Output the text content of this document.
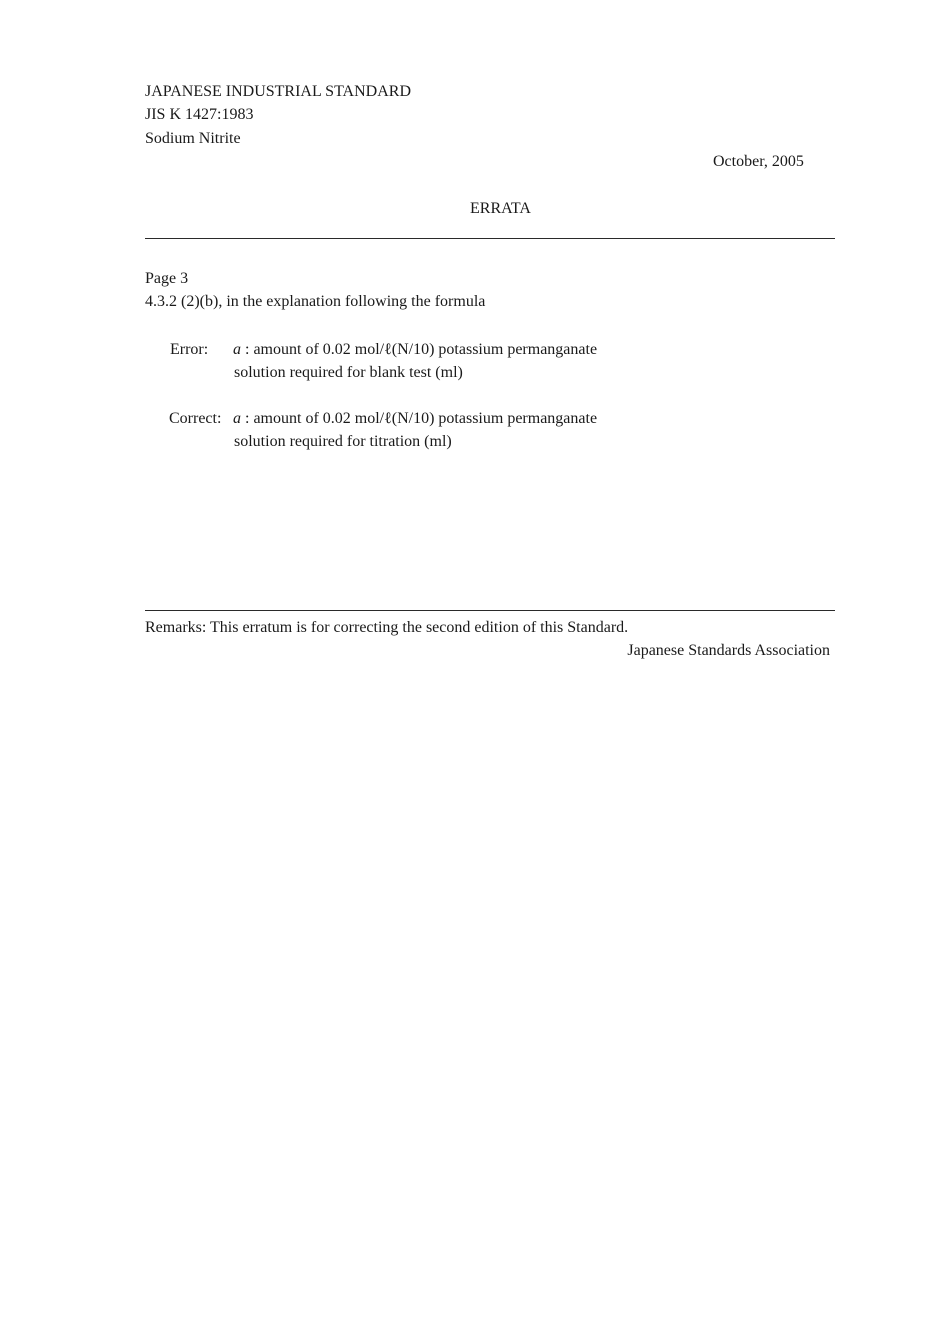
JAPANESE INDUSTRIAL STANDARD
JIS K 1427:1983
Sodium Nitrite
October, 2005
ERRATA
Page 3
4.3.2 (2)(b), in the explanation following the formula
Error: a : amount of 0.02 mol/ℓ(N/10) potassium permanganate
solution required for blank test (ml)
Correct: a : amount of 0.02 mol/ℓ(N/10) potassium permanganate
solution required for titration (ml)
Remarks: This erratum is for correcting the second edition of this Standard.
Japanese Standards Association
